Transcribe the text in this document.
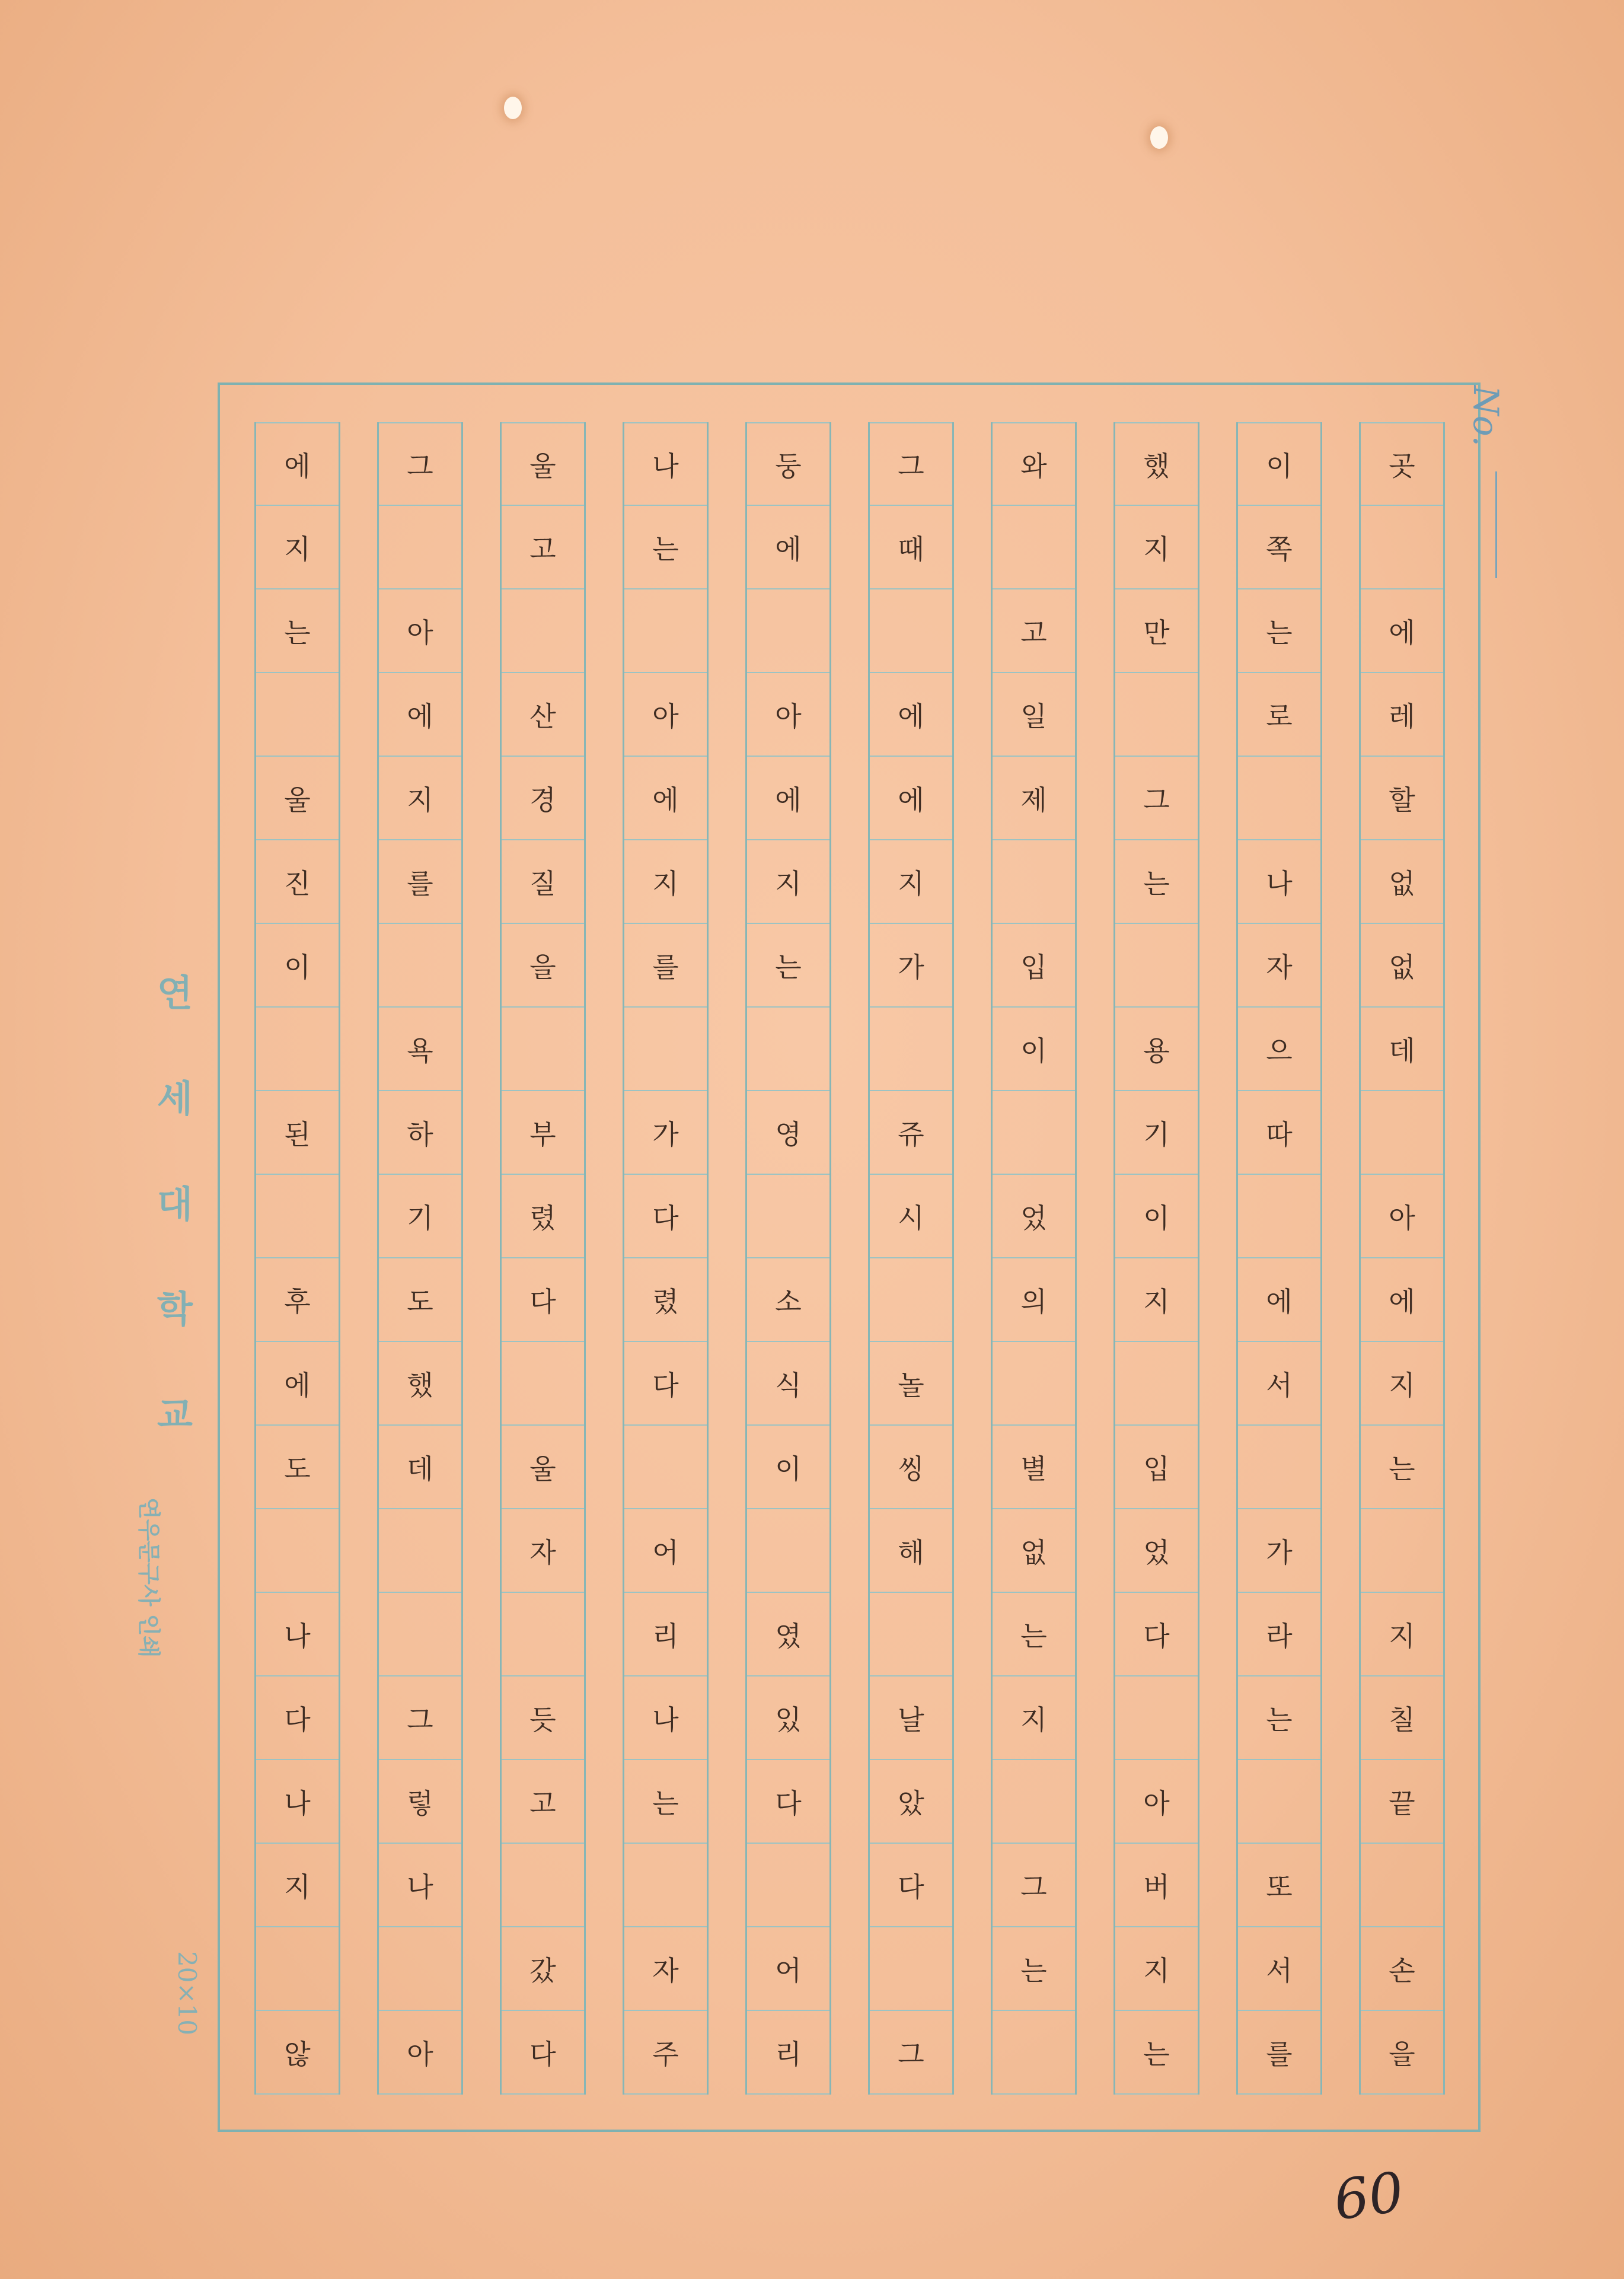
곳
에
레
할
없
없
데
아
에
지
는
지
칠
끝
손
을
이
쪽
는
로
나
자
으
따
에
서
가
라
는
또
서
를
했
지
만
그
는
용
기
이
지
입
었
다
아
버
지
는
와
고
일
제
입
이
었
의
별
없
는
지
그
는
그
때
에
에
지
가
쥬
시
놀
씽
해
날
았
다
그
둥
에
아
에
지
는
영
소
식
이
였
있
다
어
리
나
는
아
에
지
를
가
다
렸
다
어
리
나
는
자
주
울
고
산
경
질
을
부
렸
다
울
자
듯
고
갔
다
그
아
에
지
를
욕
하
기
도
했
데
그
렇
나
아
에
지
는
울
진
이
된
후
에
도
나
다
나
지
않
No.
연
세
대
학
교
연우문구사 인쇄
20×10
60
